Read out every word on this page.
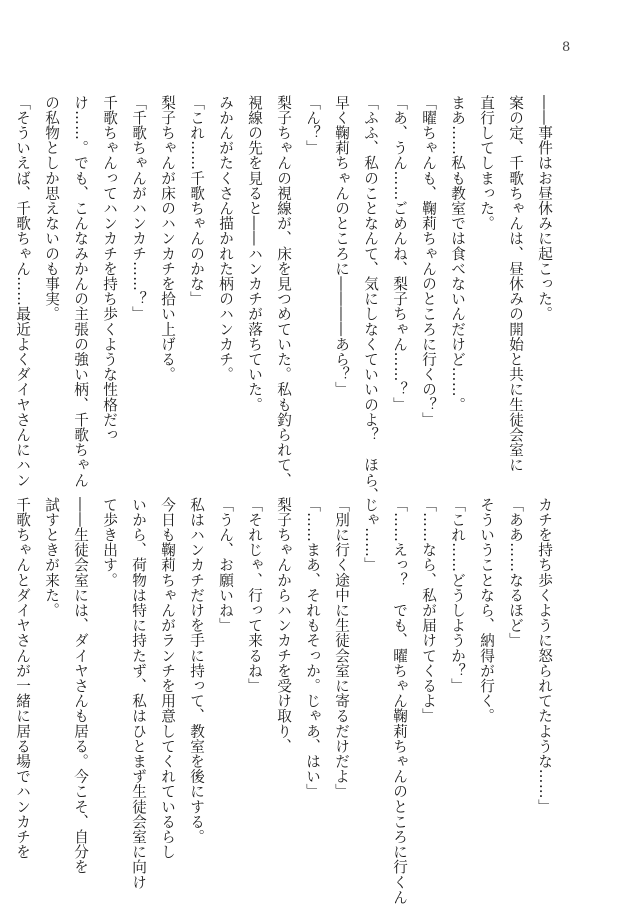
8

――事件はお昼休みに起こった。

案の定、千歌ちゃんは、昼休みの開始と共に生徒会室に

直行してしまった。

まあ……私も教室では食べないんだけど……。

「曜ちゃんも、鞠莉ちゃんのところに行くの？」

「あ、うん……ごめんね、梨子ちゃん……？」

「ふふ、私のことなんて、気にしなくていいのよ？　ほら、

早く鞠莉ちゃんのところに――――あら？」

「ん？」

梨子ちゃんの視線が、床を見つめていた。私も釣られて、

視線の先を見ると――ハンカチが落ちていた。

みかんがたくさん描かれた柄のハンカチ。

「これ……千歌ちゃんのかな」

梨子ちゃんが床のハンカチを拾い上げる。

「千歌ちゃんがハンカチ……？」

千歌ちゃんってハンカチを持ち歩くような性格だっ

け……。でも、こんなみかんの主張の強い柄、千歌ちゃん

の私物としか思えないのも事実。

「そういえば、千歌ちゃん……最近よくダイヤさんにハン

カチを持ち歩くように怒られてたような……」

「ああ……なるほど」

そういうことなら、納得が行く。

「これ……どうしようか？」

「……なら、私が届けてくるよ」

「……えっ？　でも、曜ちゃん鞠莉ちゃんのところに行くん

じゃ……」

「別に行く途中に生徒会室に寄るだけだよ」

「……まあ、それもそっか。じゃあ、はい」

梨子ちゃんからハンカチを受け取り、

「それじゃ、行って来るね」

「うん、お願いね」

私はハンカチだけを手に持って、教室を後にする。

今日も鞠莉ちゃんがランチを用意してくれているらし

いから、荷物は特に持たず、私はひとまず生徒会室に向け

て歩き出す。

――生徒会室には、ダイヤさんも居る。今こそ、自分を

試すときが来た。

千歌ちゃんとダイヤさんが一緒に居る場でハンカチを
